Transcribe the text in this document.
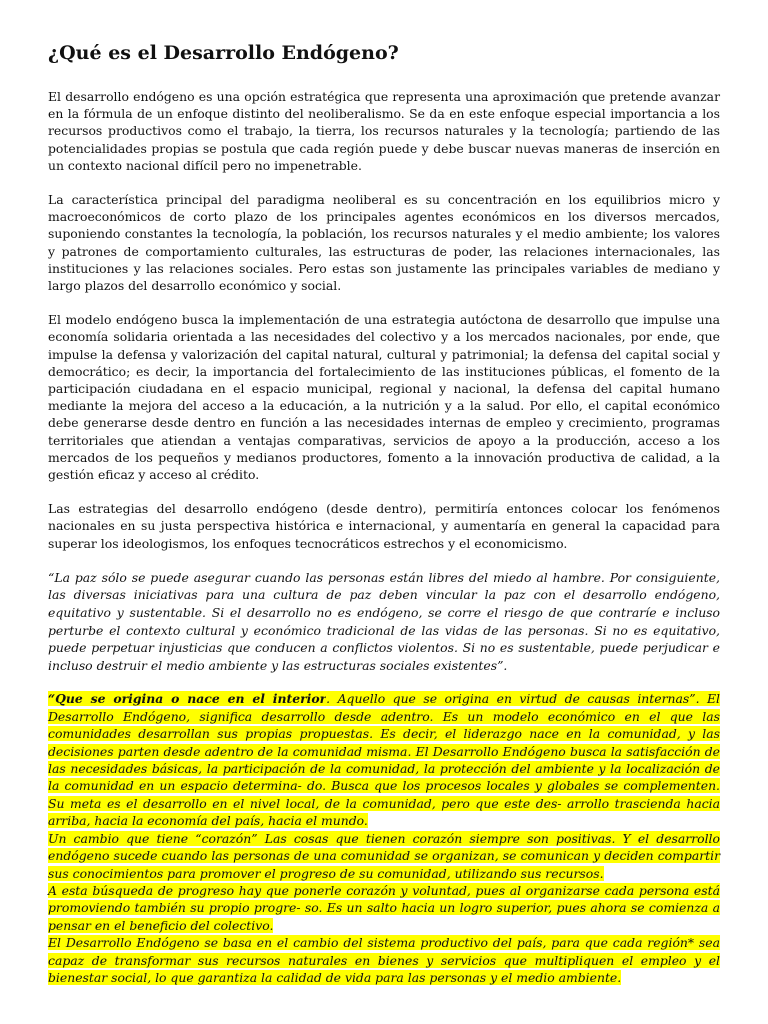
¿Qué es el Desarrollo Endógeno?

El desarrollo endógeno es una opción estratégica que representa una aproximación que pretende avanzar en la fórmula de un enfoque distinto del neoliberalismo. Se da en este enfoque especial importancia a los recursos productivos como el trabajo, la tierra, los recursos naturales y la tecnología; partiendo de las potencialidades propias se postula que cada región puede y debe buscar nuevas maneras de inserción en un contexto nacional difícil pero no impenetrable.

La característica principal del paradigma neoliberal es su concentración en los equilibrios micro y macroeconómicos de corto plazo de los principales agentes económicos en los diversos mercados, suponiendo constantes la tecnología, la población, los recursos naturales y el medio ambiente; los valores y patrones de comportamiento culturales, las estructuras de poder, las relaciones internacionales, las instituciones y las relaciones sociales. Pero estas son justamente las principales variables de mediano y largo plazos del desarrollo económico y social.

El modelo endógeno busca la implementación de una estrategia autóctona de desarrollo que impulse una economía solidaria orientada a las necesidades del colectivo y a los mercados nacionales, por ende, que impulse la defensa y valorización del capital natural, cultural y patrimonial; la defensa del capital social y democrático; es decir, la importancia del fortalecimiento de las instituciones públicas, el fomento de la participación ciudadana en el espacio municipal, regional y nacional, la defensa del capital humano mediante la mejora del acceso a la educación, a la nutrición y a la salud. Por ello, el capital económico debe generarse desde dentro en función a las necesidades internas de empleo y crecimiento, programas territoriales que atiendan a ventajas comparativas, servicios de apoyo a la producción, acceso a los mercados de los pequeños y medianos productores, fomento a la innovación productiva de calidad, a la gestión eficaz y acceso al crédito.

Las estrategias del desarrollo endógeno (desde dentro), permitiría entonces colocar los fenómenos nacionales en su justa perspectiva histórica e internacional, y aumentaría en general la capacidad para superar los ideologismos, los enfoques tecnocráticos estrechos y el economicismo.

“La paz sólo se puede asegurar cuando las personas están libres del miedo al hambre. Por consiguiente, las diversas iniciativas para una cultura de paz deben vincular la paz con el desarrollo endógeno, equitativo y sustentable. Si el desarrollo no es endógeno, se corre el riesgo de que contraríe e incluso perturbe el contexto cultural y económico tradicional de las vidas de las personas. Si no es equitativo, puede perpetuar injusticias que conducen a conflictos violentos. Si no es sustentable, puede perjudicar e incluso destruir el medio ambiente y las estructuras sociales existentes”.

“Que se origina o nace en el interior. Aquello que se origina en virtud de causas internas”. El Desarrollo Endógeno, significa desarrollo desde adentro. Es un modelo económico en el que las comunidades desarrollan sus propias propuestas. Es decir, el liderazgo nace en la comunidad, y las decisiones parten desde adentro de la comunidad misma. El Desarrollo Endógeno busca la satisfacción de las necesidades básicas, la participación de la comunidad, la protección del ambiente y la localización de la comunidad en un espacio determina- do. Busca que los procesos locales y globales se complementen. Su meta es el desarrollo en el nivel local, de la comunidad, pero que este des- arrollo trascienda hacia arriba, hacia la economía del país, hacia el mundo.

Un cambio que tiene “corazón” Las cosas que tienen corazón siempre son positivas. Y el desarrollo endógeno sucede cuando las personas de una comunidad se organizan, se comunican y deciden compartir sus conocimientos para promover el progreso de su comunidad, utilizando sus recursos.

A esta búsqueda de progreso hay que ponerle corazón y voluntad, pues al organizarse cada persona está promoviendo también su propio progre- so. Es un salto hacia un logro superior, pues ahora se comienza a pensar en el beneficio del colectivo.

El Desarrollo Endógeno se basa en el cambio del sistema productivo del país, para que cada región* sea capaz de transformar sus recursos naturales en bienes y servicios que multipliquen el empleo y el bienestar social, lo que garantiza la calidad de vida para las personas y el medio ambiente.
